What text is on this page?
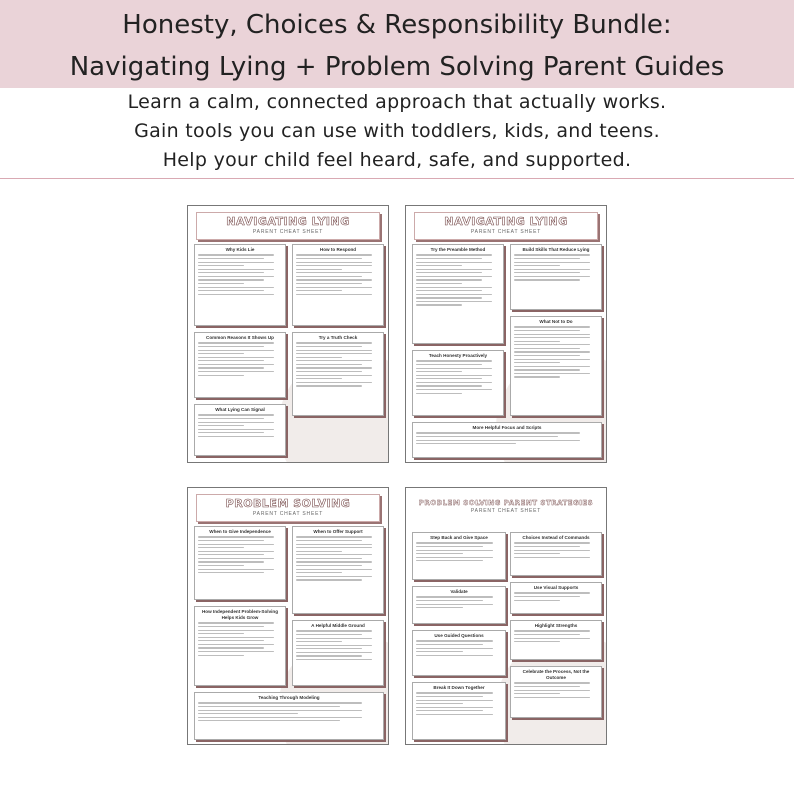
Honesty, Choices & Responsibility Bundle:
Navigating Lying + Problem Solving Parent Guides
Learn a calm, connected approach that actually works.
Gain tools you can use with toddlers, kids, and teens.
Help your child feel heard, safe, and supported.
NAVIGATING LYING
PARENT CHEAT SHEET
Why Kids Lie	How to Respond
Common Reasons It Shows Up	Try a Truth Check
What Lying Can Signal
NAVIGATING LYING
PARENT CHEAT SHEET
Try the Preamble Method	Build Skills That Reduce Lying
What Not to Do
Teach Honesty Proactively
More Helpful Focus and Scripts
PROBLEM SOLVING
PARENT CHEAT SHEET
When to Give Independence	When to Offer Support
How Independent Problem-Solving Helps Kids Grow
A Helpful Middle Ground
Teaching Through Modeling
PROBLEM SOLVING PARENT STRATEGIES
PARENT CHEAT SHEET
Step Back and Give Space	Choices Instead of Commands
Validate
Use Visual Supports
Use Guided Questions
Highlight Strengths
Break It Down Together
Celebrate the Process, Not the Outcome
